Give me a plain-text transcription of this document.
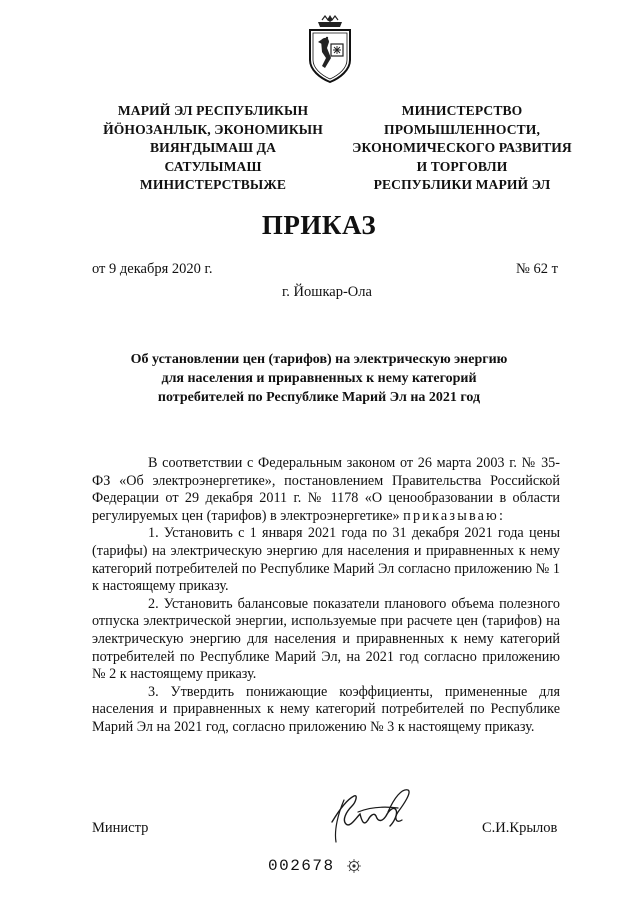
МАРИЙ ЭЛ РЕСПУБЛИКЫН
ЙӦНОЗАНЛЫК, ЭКОНОМИКЫН
ВИЯҤДЫМАШ ДА
САТУЛЫМАШ
МИНИСТЕРСТВЫЖЕ
МИНИСТЕРСТВО
ПРОМЫШЛЕННОСТИ,
ЭКОНОМИЧЕСКОГО РАЗВИТИЯ
И ТОРГОВЛИ
РЕСПУБЛИКИ МАРИЙ ЭЛ
ПРИКАЗ
от 9 декабря 2020 г.	№ 62 т
г. Йошкар-Ола
Об установлении цен (тарифов) на электрическую энергию
для населения и приравненных к нему категорий
потребителей по Республике Марий Эл на 2021 год

В соответствии с Федеральным законом от 26 марта 2003 г. № 35-ФЗ «Об электроэнергетике», постановлением Правительства Российской Федерации от 29 декабря 2011 г. № 1178 «О ценообразовании в области регулируемых цен (тарифов) в электроэнергетике» приказываю:

1. Установить с 1 января 2021 года по 31 декабря 2021 года цены (тарифы) на электрическую энергию для населения и приравненных к нему категорий потребителей по Республике Марий Эл согласно приложению № 1 к настоящему приказу.

2. Установить балансовые показатели планового объема полезного отпуска электрической энергии, используемые при расчете цен (тарифов) на электрическую энергию для населения и приравненных к нему категорий потребителей по Республике Марий Эл, на 2021 год согласно приложению № 2 к настоящему приказу.

3. Утвердить понижающие коэффициенты, примененные для населения и приравненных к нему категорий потребителей по Республике Марий Эл на 2021 год, согласно приложению № 3 к настоящему приказу.

Министр	С.И.Крылов
002678
